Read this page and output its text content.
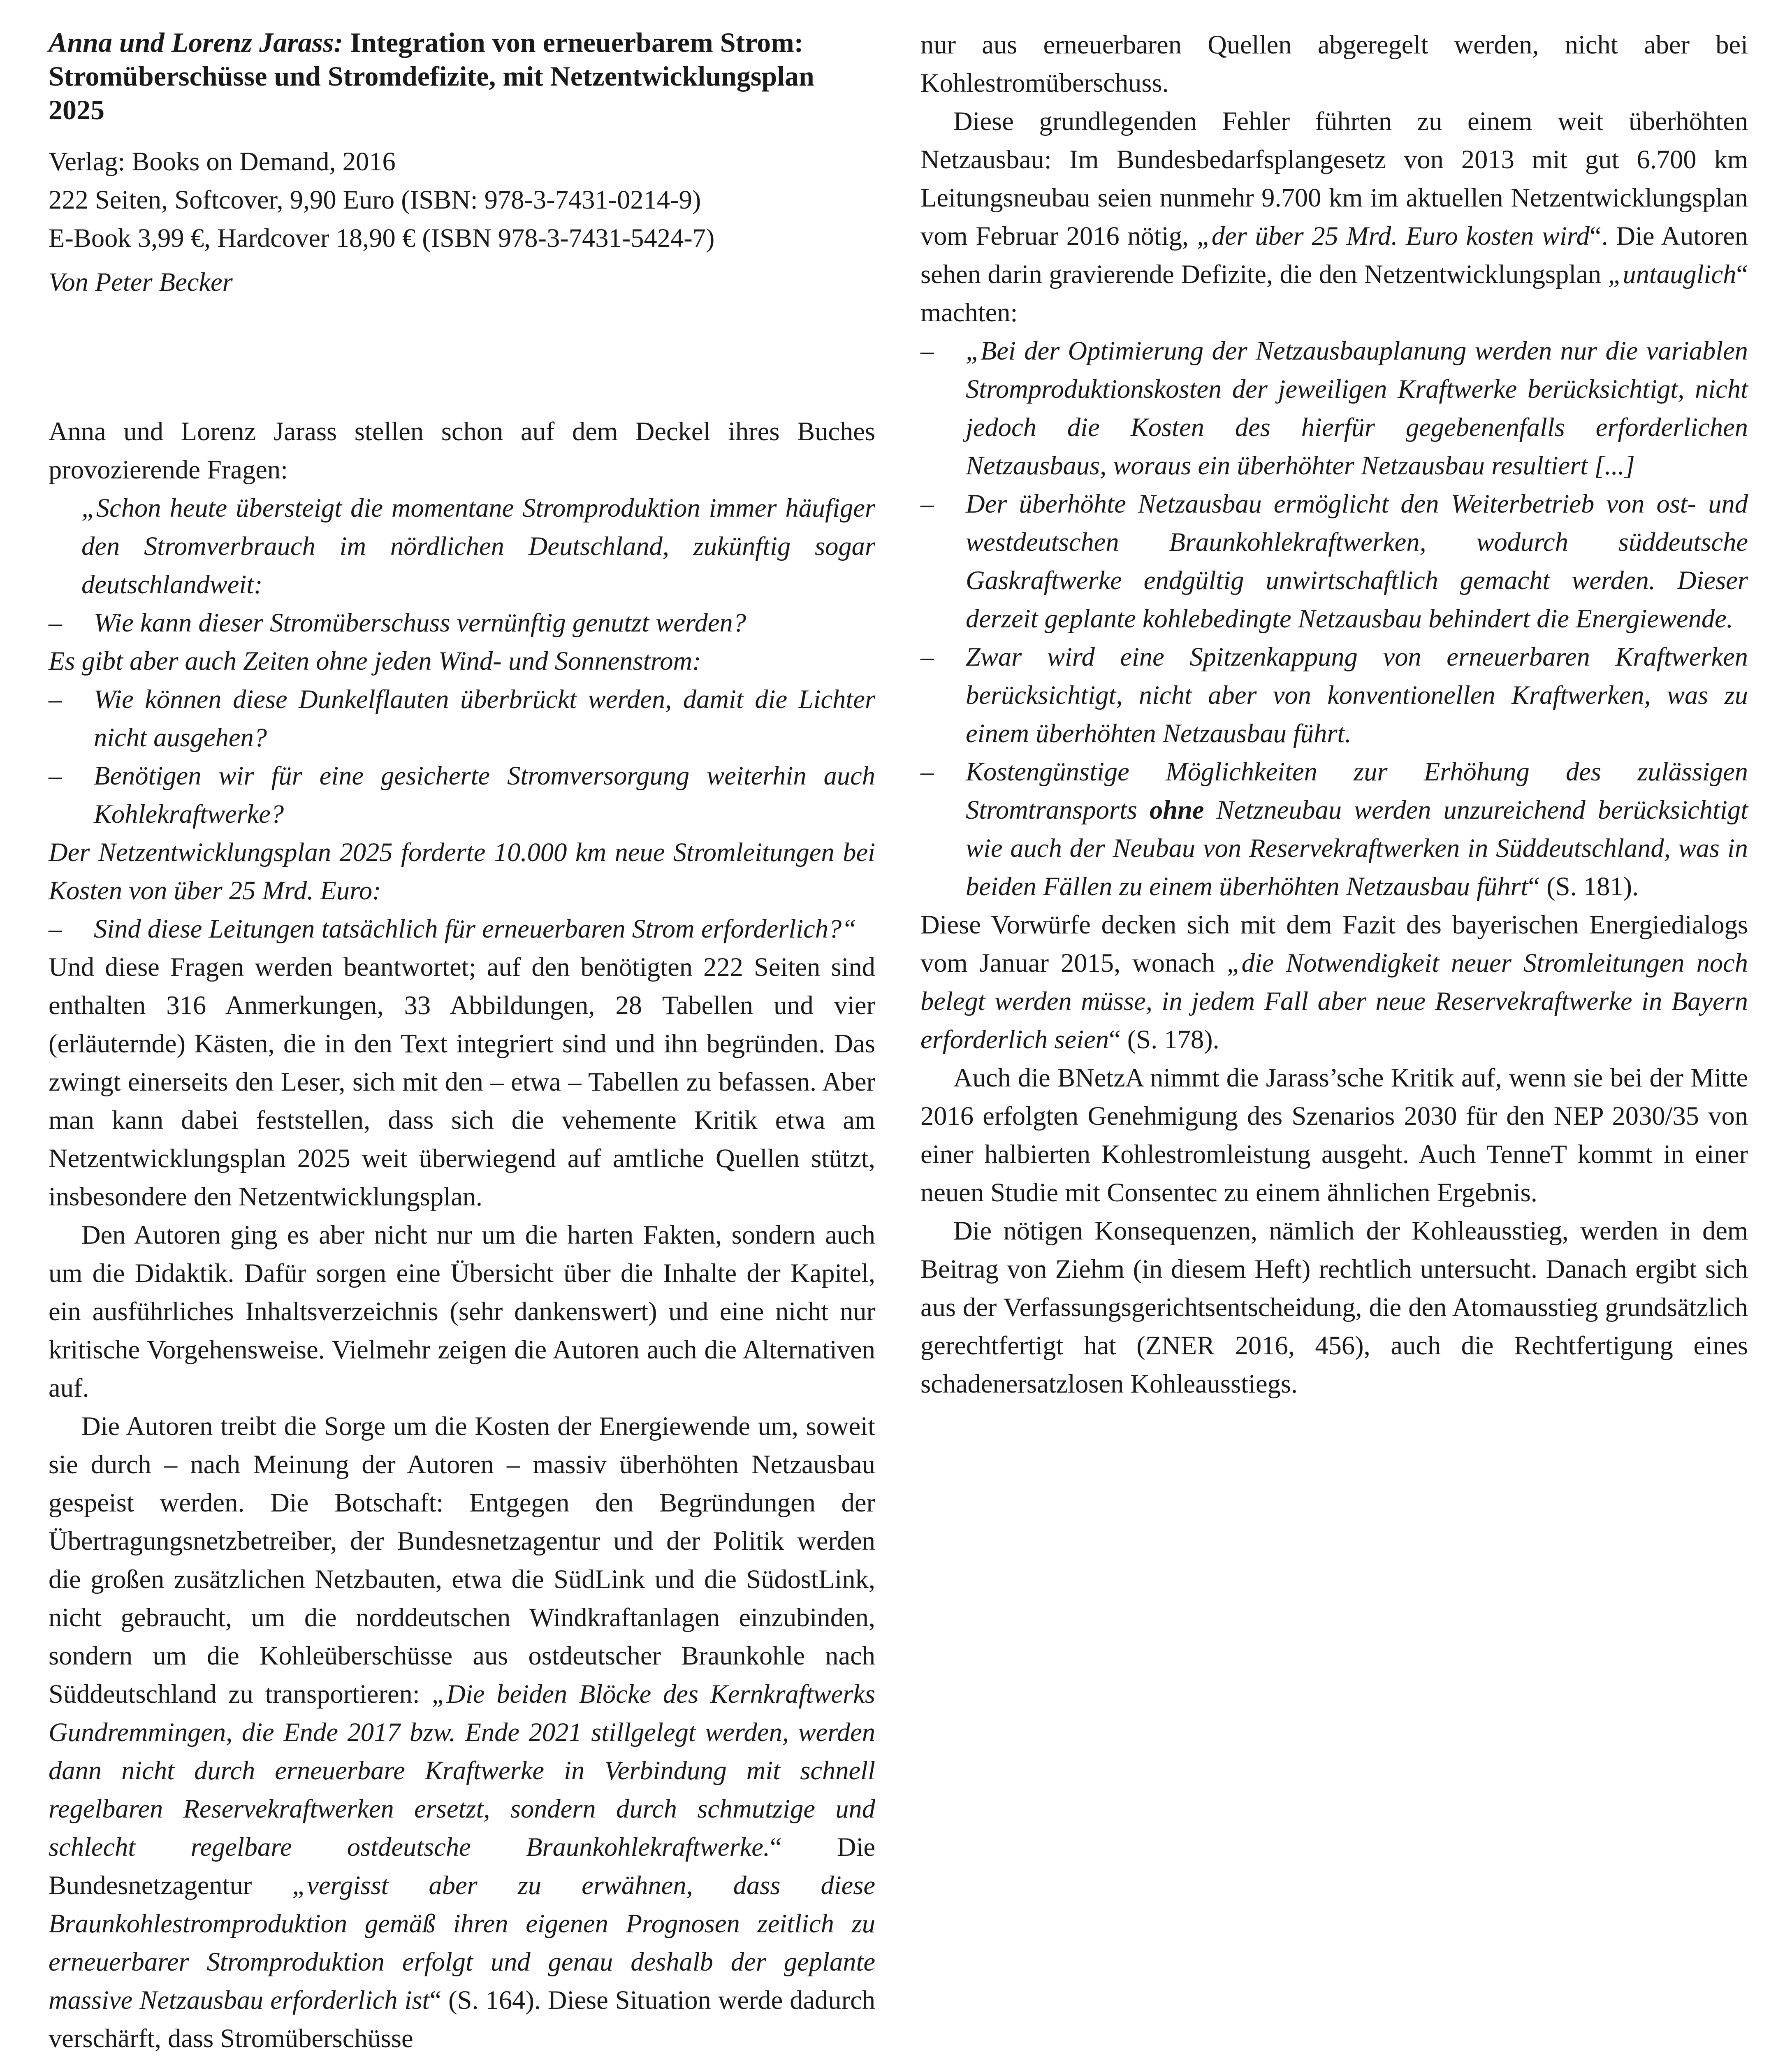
Anna und Lorenz Jarass: Integration von erneuerbarem Strom: Stromüberschüsse und Stromdefizite, mit Netzentwicklungsplan 2025

Verlag: Books on Demand, 2016

222 Seiten, Softcover, 9,90 Euro (ISBN: 978-3-7431-0214-9)

E-Book 3,99 €, Hardcover 18,90 € (ISBN 978-3-7431-5424-7)

Von Peter Becker

Anna und Lorenz Jarass stellen schon auf dem Deckel ihres Buches provozierende Fragen:

„Schon heute übersteigt die momentane Stromproduktion immer häufiger den Stromverbrauch im nördlichen Deutschland, zukünftig sogar deutschlandweit:

– Wie kann dieser Stromüberschuss vernünftig genutzt werden?

Es gibt aber auch Zeiten ohne jeden Wind- und Sonnenstrom:

– Wie können diese Dunkelflauten überbrückt werden, damit die Lichter nicht ausgehen?
– Benötigen wir für eine gesicherte Stromversorgung weiterhin auch Kohlekraftwerke?

Der Netzentwicklungsplan 2025 forderte 10.000 km neue Stromleitungen bei Kosten von über 25 Mrd. Euro:

– Sind diese Leitungen tatsächlich für erneuerbaren Strom erforderlich?“

Und diese Fragen werden beantwortet; auf den benötigten 222 Seiten sind enthalten 316 Anmerkungen, 33 Abbildungen, 28 Tabellen und vier (erläuternde) Kästen, die in den Text integriert sind und ihn begründen. Das zwingt einerseits den Leser, sich mit den – etwa – Tabellen zu befassen. Aber man kann dabei feststellen, dass sich die vehemente Kritik etwa am Netzentwicklungsplan 2025 weit überwiegend auf amtliche Quellen stützt, insbesondere den Netzentwicklungsplan.

Den Autoren ging es aber nicht nur um die harten Fakten, sondern auch um die Didaktik. Dafür sorgen eine Übersicht über die Inhalte der Kapitel, ein ausführliches Inhaltsverzeichnis (sehr dankenswert) und eine nicht nur kritische Vorgehensweise. Vielmehr zeigen die Autoren auch die Alternativen auf.

Die Autoren treibt die Sorge um die Kosten der Energiewende um, soweit sie durch – nach Meinung der Autoren – massiv überhöhten Netzausbau gespeist werden. Die Botschaft: Entgegen den Begründungen der Übertragungsnetzbetreiber, der Bundesnetzagentur und der Politik werden die großen zusätzlichen Netzbauten, etwa die SüdLink und die SüdostLink, nicht gebraucht, um die norddeutschen Windkraftanlagen einzubinden, sondern um die Kohleüberschüsse aus ostdeutscher Braunkohle nach Süddeutschland zu transportieren: „Die beiden Blöcke des Kernkraftwerks Gundremmingen, die Ende 2017 bzw. Ende 2021 stillgelegt werden, werden dann nicht durch erneuerbare Kraftwerke in Verbindung mit schnell regelbaren Reservekraftwerken ersetzt, sondern durch schmutzige und schlecht regelbare ostdeutsche Braunkohlekraftwerke.“ Die Bundesnetzagentur „vergisst aber zu erwähnen, dass diese Braunkohlestromproduktion gemäß ihren eigenen Prognosen zeitlich zu erneuerbarer Stromproduktion erfolgt und genau deshalb der geplante massive Netzausbau erforderlich ist“ (S. 164). Diese Situation werde dadurch verschärft, dass Stromüberschüsse

nur aus erneuerbaren Quellen abgeregelt werden, nicht aber bei Kohlestromüberschuss.

Diese grundlegenden Fehler führten zu einem weit überhöhten Netzausbau: Im Bundesbedarfsplangesetz von 2013 mit gut 6.700 km Leitungsneubau seien nunmehr 9.700 km im aktuellen Netzentwicklungsplan vom Februar 2016 nötig, „der über 25 Mrd. Euro kosten wird“. Die Autoren sehen darin gravierende Defizite, die den Netzentwicklungsplan „untauglich“ machten:

– „Bei der Optimierung der Netzausbauplanung werden nur die variablen Stromproduktionskosten der jeweiligen Kraftwerke berücksichtigt, nicht jedoch die Kosten des hierfür gegebenenfalls erforderlichen Netzausbaus, woraus ein überhöhter Netzausbau resultiert [...]
– Der überhöhte Netzausbau ermöglicht den Weiterbetrieb von ost- und westdeutschen Braunkohlekraftwerken, wodurch süddeutsche Gaskraftwerke endgültig unwirtschaftlich gemacht werden. Dieser derzeit geplante kohlebedingte Netzausbau behindert die Energiewende.
– Zwar wird eine Spitzenkappung von erneuerbaren Kraftwerken berücksichtigt, nicht aber von konventionellen Kraftwerken, was zu einem überhöhten Netzausbau führt.
– Kostengünstige Möglichkeiten zur Erhöhung des zulässigen Stromtransports ohne Netzneubau werden unzureichend berücksichtigt wie auch der Neubau von Reservekraftwerken in Süddeutschland, was in beiden Fällen zu einem überhöhten Netzausbau führt“ (S. 181).

Diese Vorwürfe decken sich mit dem Fazit des bayerischen Energiedialogs vom Januar 2015, wonach „die Notwendigkeit neuer Stromleitungen noch belegt werden müsse, in jedem Fall aber neue Reservekraftwerke in Bayern erforderlich seien“ (S. 178).

Auch die BNetzA nimmt die Jarass’sche Kritik auf, wenn sie bei der Mitte 2016 erfolgten Genehmigung des Szenarios 2030 für den NEP 2030/35 von einer halbierten Kohlestromleistung ausgeht. Auch TenneT kommt in einer neuen Studie mit Consentec zu einem ähnlichen Ergebnis.

Die nötigen Konsequenzen, nämlich der Kohleausstieg, werden in dem Beitrag von Ziehm (in diesem Heft) rechtlich untersucht. Danach ergibt sich aus der Verfassungsgerichtsentscheidung, die den Atomausstieg grundsätzlich gerechtfertigt hat (ZNER 2016, 456), auch die Rechtfertigung eines schadenersatzlosen Kohleausstiegs.
